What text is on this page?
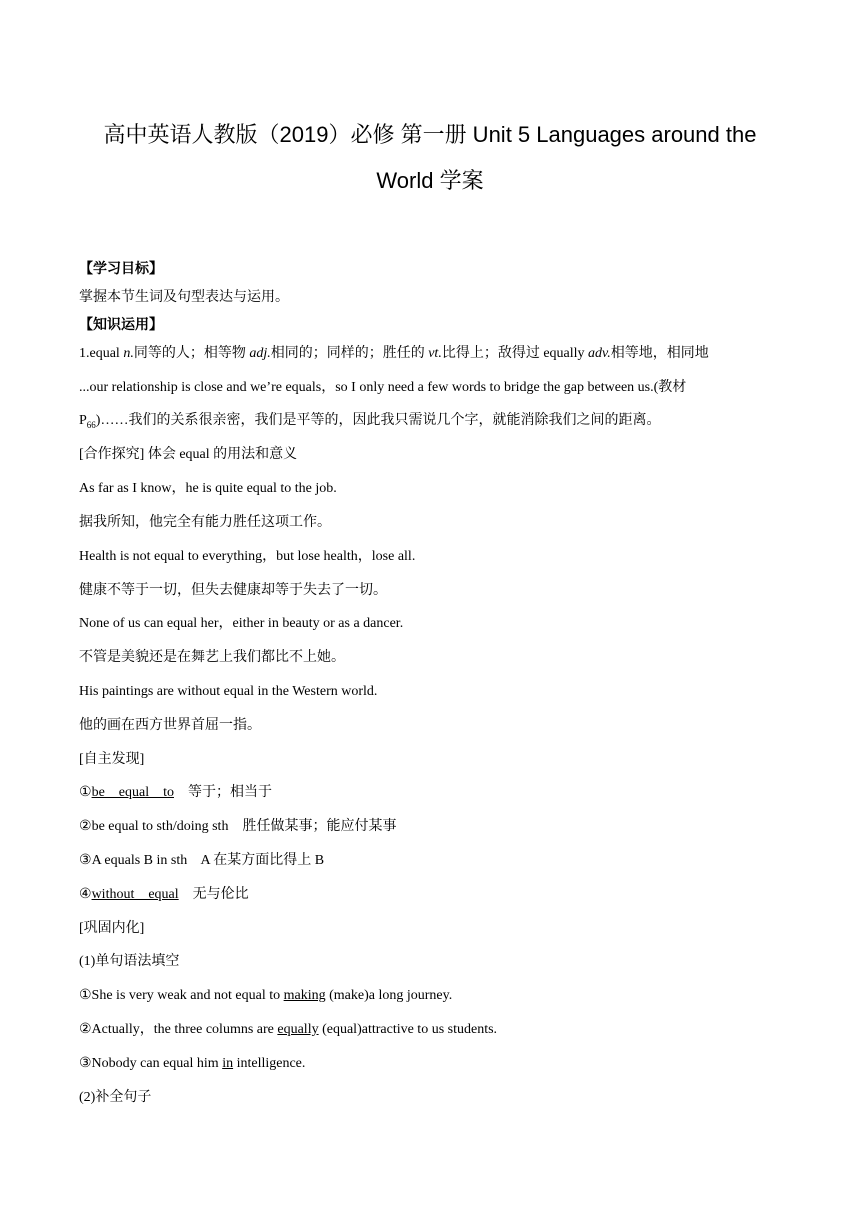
高中英语人教版（2019）必修 第一册 Unit 5 Languages around the
World 学案
【学习目标】
掌握本节生词及句型表达与运用。
【知识运用】
1.equal n.同等的人；相等物 adj.相同的；同样的；胜任的 vt.比得上；敌得过 equally adv.相等地，相同地
...our relationship is close and we’re equals，so I only need a few words to bridge the gap between us.(教材
$P_{66})\dots\dots$我们的关系很亲密，我们是平等的，因此我只需说几个字，就能消除我们之间的距离。
[合作探究] 体会 equal 的用法和意义
As far as I know，he is quite equal to the job.
据我所知，他完全有能力胜任这项工作。
Health is not equal to everything，but lose health，lose all.
健康不等于一切，但失去健康却等于失去了一切。
None of us can equal her，either in beauty or as a dancer.
不管是美貌还是在舞艺上我们都比不上她。
His paintings are without equal in the Western world.
他的画在西方世界首屈一指。
[自主发现]
①be    equal    to    等于；相当于
②be equal to sth/doing sth    胜任做某事；能应付某事
③A equals B in sth    A 在某方面比得上 B
④without    equal    无与伦比
[巩固内化]
(1)单句语法填空
①She is very weak and not equal to making (make)a long journey.
②Actually，the three columns are equally (equal)attractive to us students.
③Nobody can equal him in intelligence.
(2)补全句子
